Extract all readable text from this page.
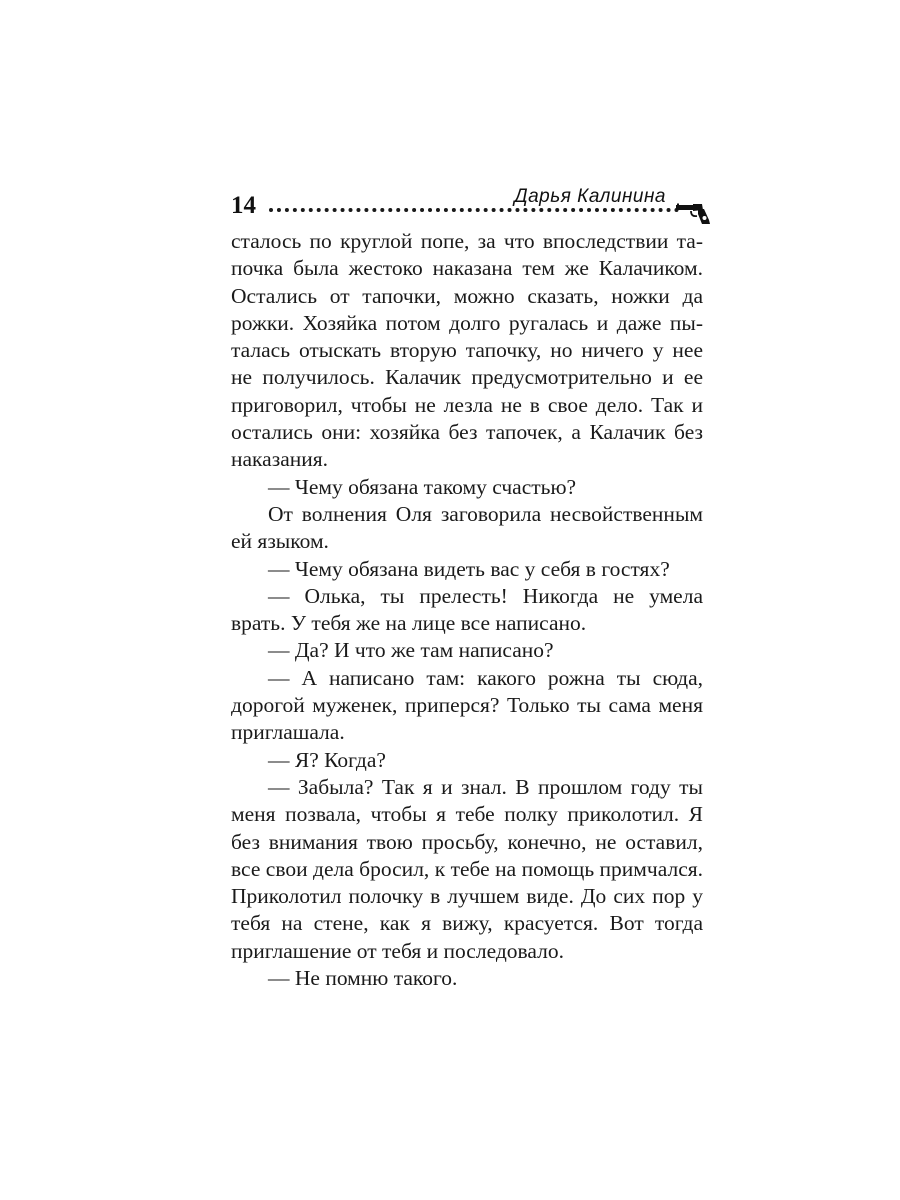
14	Дарья Калинина

сталось по круглой попе, за что впоследствии тапочка была жестоко наказана тем же Калачиком. Остались от тапочки, можно сказать, ножки да рожки. Хозяйка потом долго ругалась и даже пыталась отыскать вторую тапочку, но ничего у нее не получилось. Калачик предусмотрительно и ее приговорил, чтобы не лезла не в свое дело. Так и остались они: хозяйка без тапочек, а Калачик без наказания.

— Чему обязана такому счастью?

От волнения Оля заговорила несвойственным ей языком.

— Чему обязана видеть вас у себя в гостях?

— Олька, ты прелесть! Никогда не умела врать. У тебя же на лице все написано.

— Да? И что же там написано?

— А написано там: какого рожна ты сюда, дорогой муженек, приперся? Только ты сама меня приглашала.

— Я? Когда?

— Забыла? Так я и знал. В прошлом году ты меня позвала, чтобы я тебе полку приколотил. Я без внимания твою просьбу, конечно, не оставил, все свои дела бросил, к тебе на помощь примчался. Приколотил полочку в лучшем виде. До сих пор у тебя на стене, как я вижу, красуется. Вот тогда приглашение от тебя и последовало.

— Не помню такого.
